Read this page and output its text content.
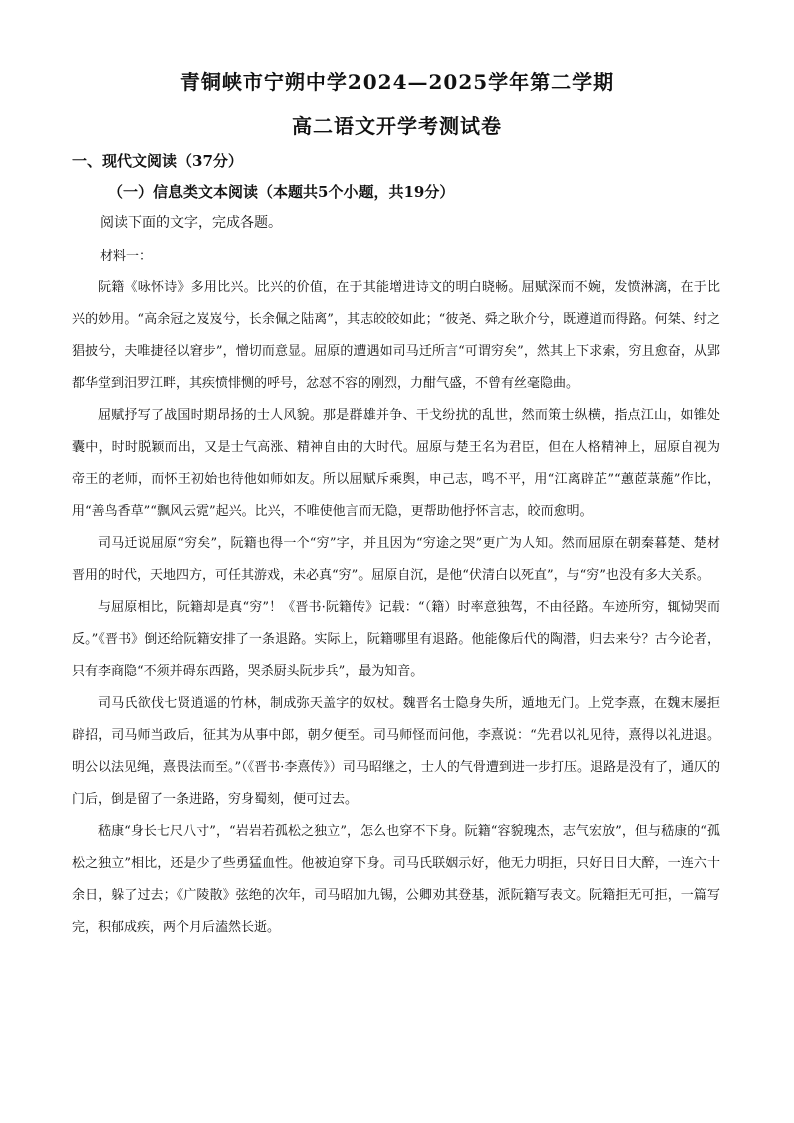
青铜峡市宁朔中学2024—2025学年第二学期
高二语文开学考测试卷
一、现代文阅读（37分）
（一）信息类文本阅读（本题共5个小题，共19分）
阅读下面的文字，完成各题。
材料一：

阮籍《咏怀诗》多用比兴。比兴的价值，在于其能增进诗文的明白晓畅。屈赋深而不婉，发愤淋漓，在于比兴的妙用。“高余冠之岌岌兮，长余佩之陆离”，其志皎皎如此；“彼尧、舜之耿介兮，既遵道而得路。何桀、纣之猖披兮，夫唯捷径以窘步”，憎切而意显。屈原的遭遇如司马迁所言“可谓穷矣”，然其上下求索，穷且愈奋，从郢都华堂到汨罗江畔，其疾愤悱恻的呼号，忿怼不容的刚烈，力酣气盛，不曾有丝毫隐曲。

屈赋抒写了战国时期昂扬的士人风貌。那是群雄并争、干戈纷扰的乱世，然而策士纵横，指点江山，如锥处囊中，时时脱颖而出，又是士气高涨、精神自由的大时代。屈原与楚王名为君臣，但在人格精神上，屈原自视为帝王的老师，而怀王初始也待他如师如友。所以屈赋斥乘舆，申己志，鸣不平，用“江离辟芷”“蕙茝菉葹”作比，用“善鸟香草”“飘风云霓”起兴。比兴，不唯使他言而无隐，更帮助他抒怀言志，皎而愈明。

司马迁说屈原“穷矣”，阮籍也得一个“穷”字，并且因为“穷途之哭”更广为人知。然而屈原在朝秦暮楚、楚材晋用的时代，天地四方，可任其游戏，未必真“穷”。屈原自沉，是他“伏清白以死直”，与“穷”也没有多大关系。

与屈原相比，阮籍却是真“穷”！《晋书·阮籍传》记载：“（籍）时率意独驾，不由径路。车迹所穷，辄恸哭而反。”《晋书》倒还给阮籍安排了一条退路。实际上，阮籍哪里有退路。他能像后代的陶潜，归去来兮？古今论者，只有李商隐“不须并碍东西路，哭杀厨头阮步兵”，最为知音。

司马氏欲伐七贤逍遥的竹林，制成弥天盖字的奴杖。魏晋名士隐身失所，遁地无门。上党李熹，在魏末屡拒辟招，司马师当政后，征其为从事中郎，朝夕便至。司马师怪而问他，李熹说：“先君以礼见待，熹得以礼进退。明公以法见绳，熹畏法而至。”（《晋书·李熹传》）司马昭继之，士人的气骨遭到进一步打压。退路是没有了，通仄的门后，倒是留了一条进路，穷身蜀刻，便可过去。

嵇康“身长七尺八寸”，“岩岩若孤松之独立”，怎么也穿不下身。阮籍“容貌瑰杰，志气宏放”，但与嵇康的“孤松之独立”相比，还是少了些勇猛血性。他被迫穿下身。司马氏联姻示好，他无力明拒，只好日日大醉，一连六十余日，躲了过去；《广陵散》弦绝的次年，司马昭加九锡，公卿劝其登基，派阮籍写表文。阮籍拒无可拒，一篇写完，积郁成疾，两个月后溘然长逝。
